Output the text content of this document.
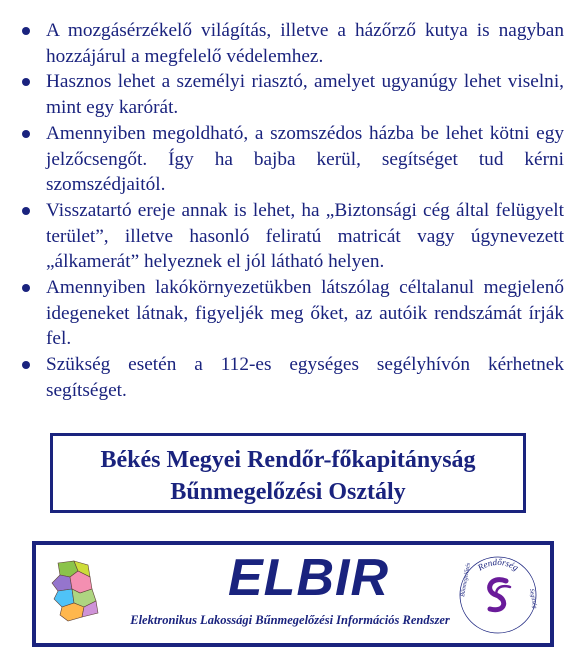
A mozgásérzékelő világítás, illetve a házőrző kutya is nagyban hozzájárul a megfelelő védelemhez.
Hasznos lehet a személyi riasztó, amelyet ugyanúgy lehet viselni, mint egy karórát.
Amennyiben megoldható, a szomszédos házba be lehet kötni egy jelzőcsengőt. Így ha bajba kerül, segítséget tud kérni szomszédjaitól.
Visszatartó ereje annak is lehet, ha „Biztonsági cég által felügyelt terület”, illetve hasonló feliratú matricát vagy úgynevezett „álkamerát” helyeznek el jól látható helyen.
Amennyiben lakókörnyezetükben látszólag céltalanul megjelenő idegeneket látnak, figyeljék meg őket, az autóik rendszámát írják fel.
Szükség esetén a 112-es egységes segélyhívón kérhetnek segítséget.
Békés Megyei Rendőr-főkapitányság
Bűnmegelőzési Osztály
ELBIR
Elektronikus Lakossági Bűnmegelőzési Információs Rendszer
Rendőrség
Bűnmegelőzés
Segítség
